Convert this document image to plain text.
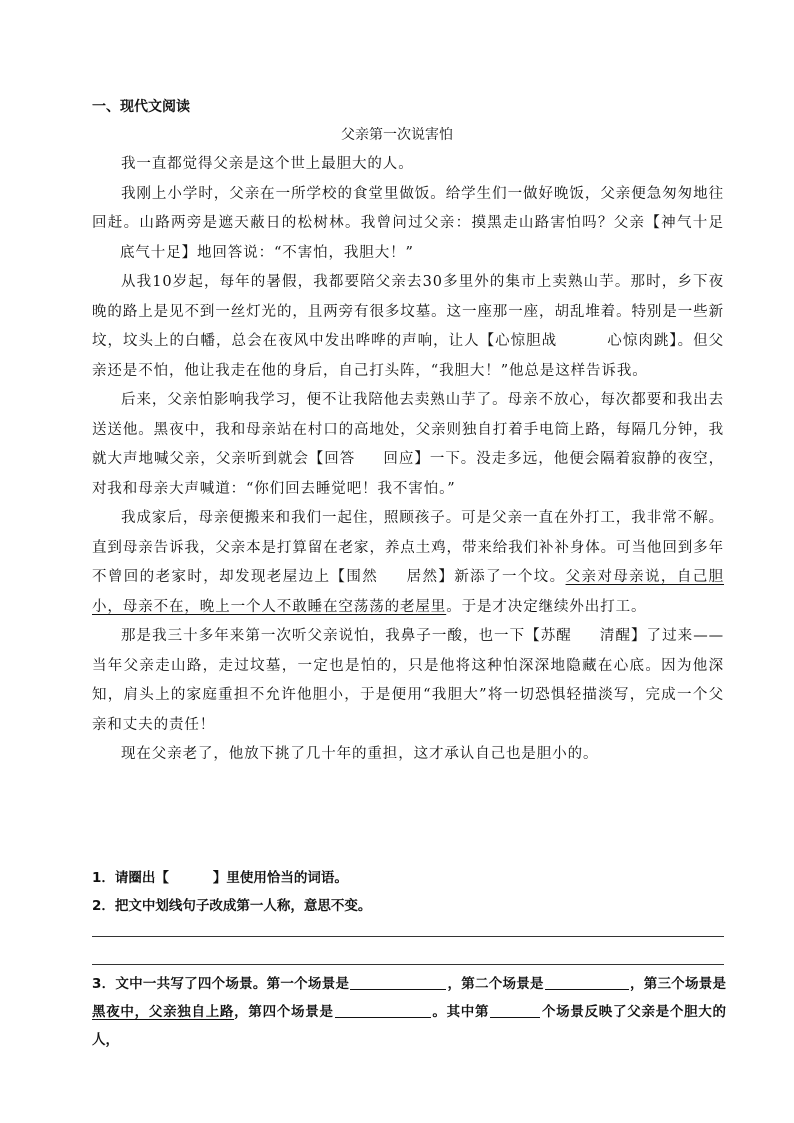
一、现代文阅读
父亲第一次说害怕

我一直都觉得父亲是这个世上最胆大的人。

我刚上小学时，父亲在一所学校的食堂里做饭。给学生们一做好晚饭，父亲便急匆匆地往回赶。山路两旁是遮天蔽日的松树林。我曾问过父亲：摸黑走山路害怕吗？父亲【神气十足底气十足】地回答说：“不害怕，我胆大！”

从我10岁起，每年的暑假，我都要陪父亲去30多里外的集市上卖熟山芋。那时，乡下夜晚的路上是见不到一丝灯光的，且两旁有很多坟墓。这一座那一座，胡乱堆着。特别是一些新坟，坟头上的白幡，总会在夜风中发出哗哗的声响，让人【心惊胆战	心惊肉跳】。但父亲还是不怕，他让我走在他的身后，自己打头阵，“我胆大！”他总是这样告诉我。

后来，父亲怕影响我学习，便不让我陪他去卖熟山芋了。母亲不放心，每次都要和我出去送送他。黑夜中，我和母亲站在村口的高地处，父亲则独自打着手电筒上路，每隔几分钟，我就大声地喊父亲，父亲听到就会【回答 回应】一下。没走多远，他便会隔着寂静的夜空，对我和母亲大声喊道：“你们回去睡觉吧！我不害怕。”

我成家后，母亲便搬来和我们一起住，照顾孩子。可是父亲一直在外打工，我非常不解。直到母亲告诉我，父亲本是打算留在老家，养点土鸡，带来给我们补补身体。可当他回到多年不曾回的老家时，却发现老屋边上【围然 居然】新添了一个坟。父亲对母亲说，自己胆小，母亲不在，晚上一个人不敢睡在空荡荡的老屋里。于是才决定继续外出打工。

那是我三十多年来第一次听父亲说怕，我鼻子一酸，也一下【苏醒 清醒】了过来——当年父亲走山路，走过坟墓，一定也是怕的，只是他将这种怕深深地隐藏在心底。因为他深知，肩头上的家庭重担不允许他胆小，于是便用“我胆大”将一切恐惧轻描淡写，完成一个父亲和丈夫的责任！

现在父亲老了，他放下挑了几十年的重担，这才承认自己也是胆小的。

1．请圈出【	】里使用恰当的词语。
2．把文中划线句子改成第一人称，意思不变。
3．文中一共写了四个场景。第一个场景是	，第二个场景是	，第三个场景是黑夜中，父亲独自上路，第四个场景是	。其中第	个场景反映了父亲是个胆大的人，
